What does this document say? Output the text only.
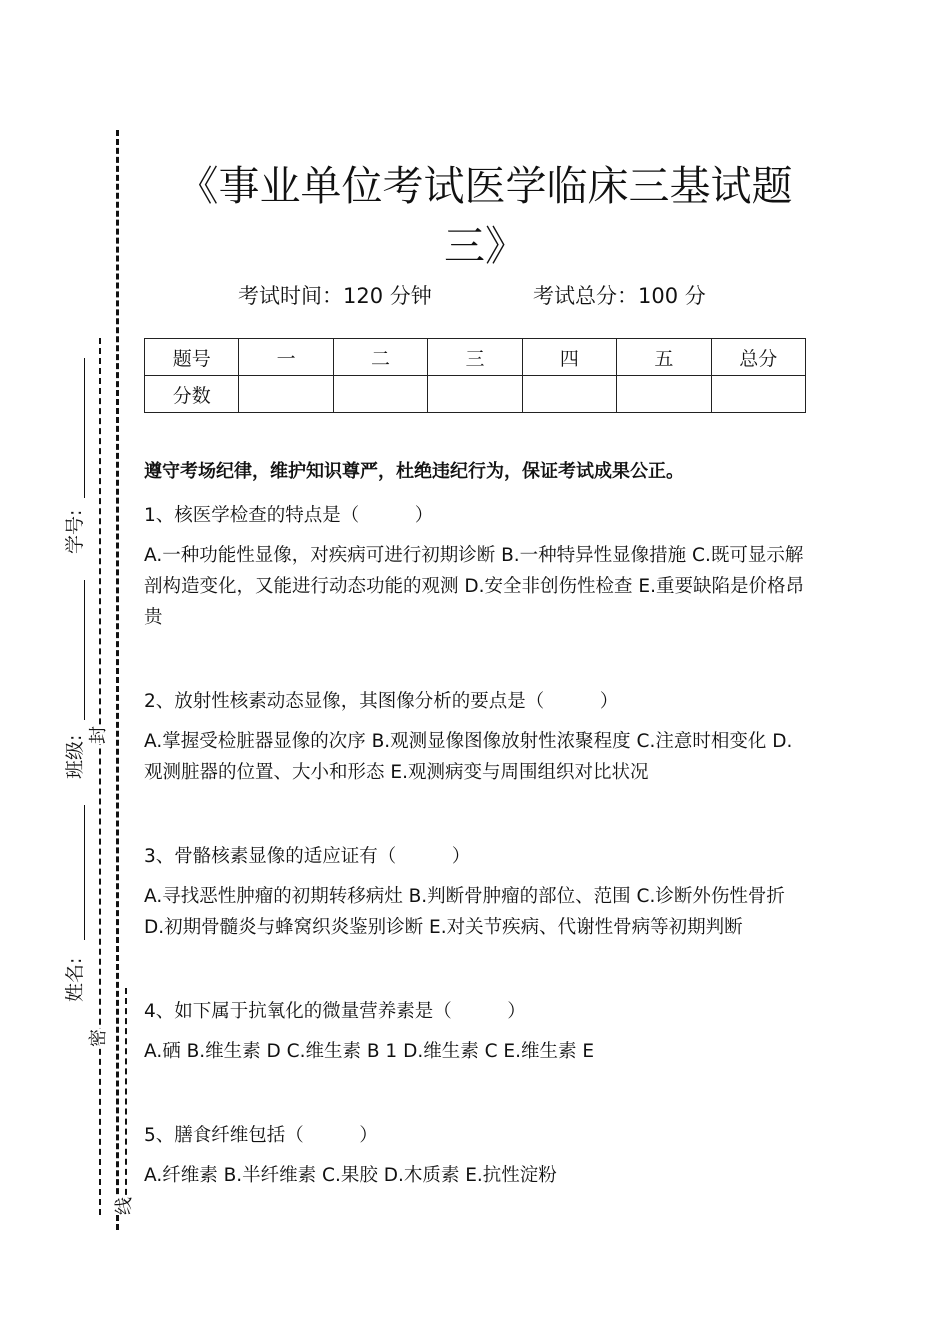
《事业单位考试医学临床三基试题三》
考试时间：120 分钟	考试总分：100 分
题号	一	二	三	四	五	总分
分数						
遵守考场纪律，维护知识尊严，杜绝违纪行为，保证考试成果公正。

1、核医学检查的特点是（　　　）

A.一种功能性显像，对疾病可进行初期诊断 B.一种特异性显像措施 C.既可显示解剖构造变化，又能进行动态功能的观测 D.安全非创伤性检查 E.重要缺陷是价格昂贵

2、放射性核素动态显像，其图像分析的要点是（　　　）

A.掌握受检脏器显像的次序 B.观测显像图像放射性浓聚程度 C.注意时相变化 D.观测脏器的位置、大小和形态 E.观测病变与周围组织对比状况

3、骨骼核素显像的适应证有（　　　）

A.寻找恶性肿瘤的初期转移病灶 B.判断骨肿瘤的部位、范围 C.诊断外伤性骨折 D.初期骨髓炎与蜂窝织炎鉴别诊断 E.对关节疾病、代谢性骨病等初期判断

4、如下属于抗氧化的微量营养素是（　　　）

A.硒 B.维生素 D C.维生素 B 1 D.维生素 C E.维生素 E

5、膳食纤维包括（　　　）

A.纤维素 B.半纤维素 C.果胶 D.木质素 E.抗性淀粉

学号:
班级:
姓名:
封
密
线
